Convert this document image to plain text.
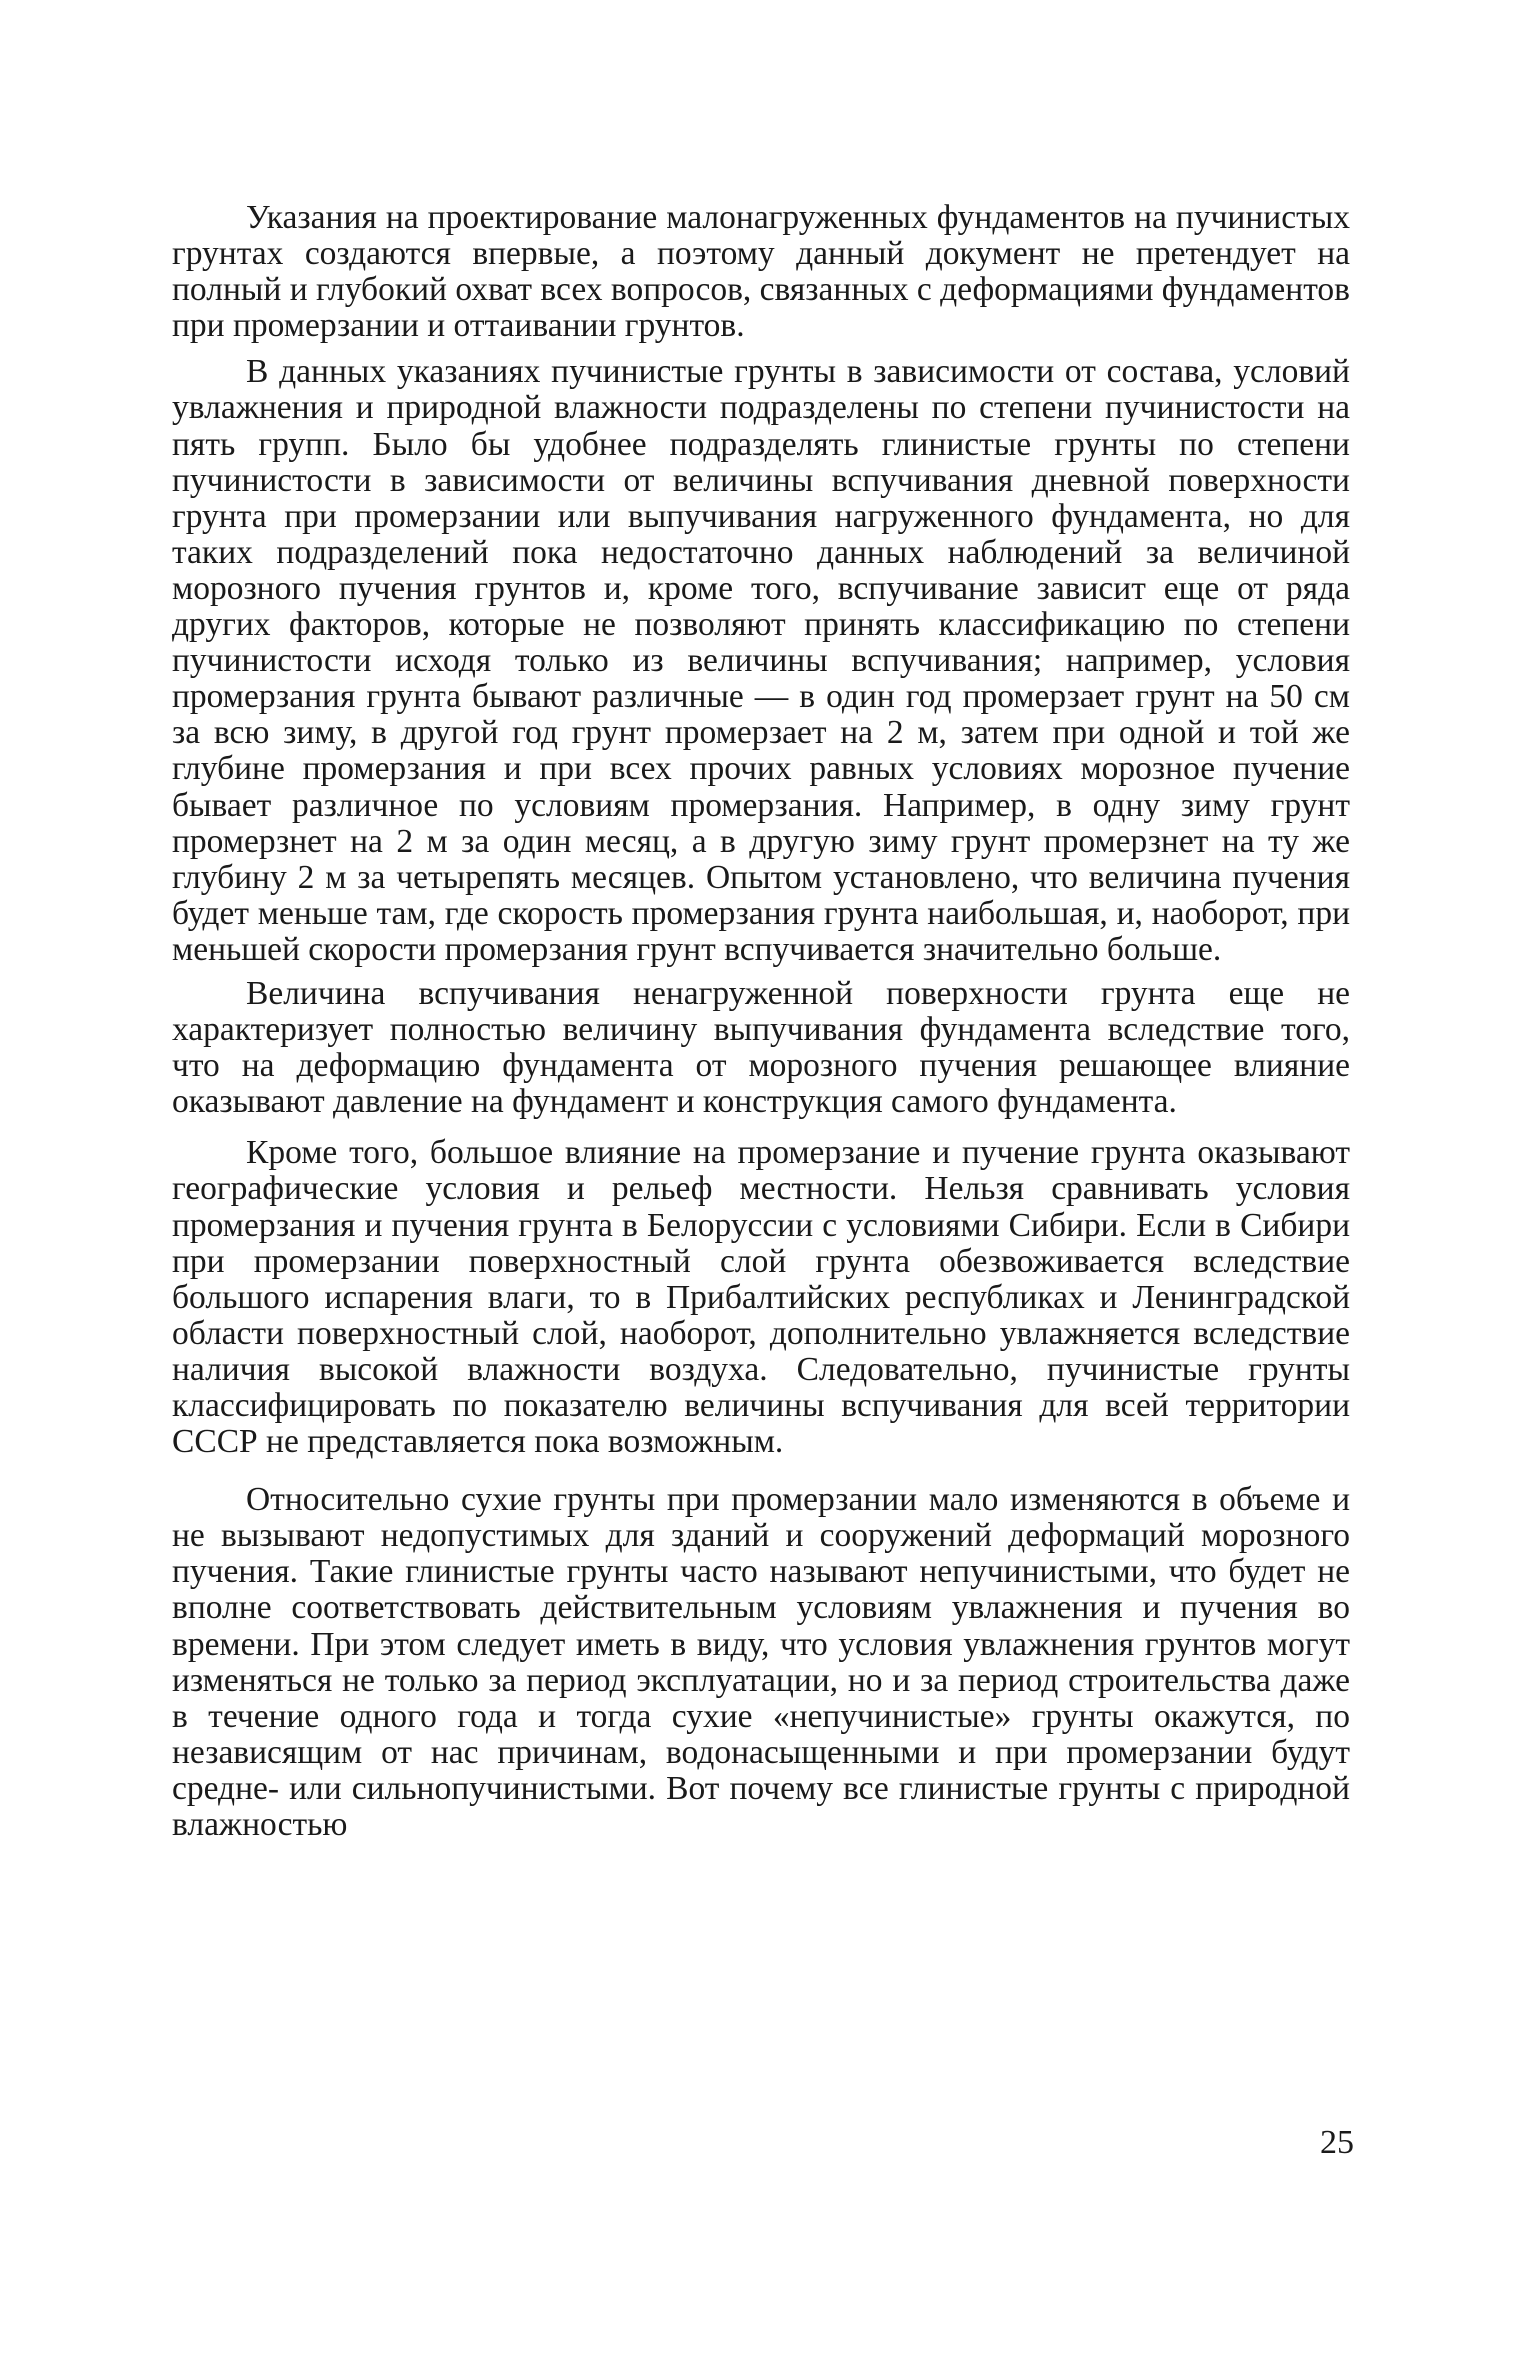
Указания на проектирование малонагруженных фундаментов на пучинистых грунтах создаются впервые, а поэтому данный документ не претендует на полный и глубокий охват всех вопросов, связанных с деформациями фундаментов при промерзании и оттаивании грунтов.

В данных указаниях пучинистые грунты в зависимости от состава, условий увлажнения и природной влажности подразделены по степени пучинистости на пять групп. Было бы удобнее подразделять глинистые грунты по степени пучинистости в зависимости от величины вспучивания дневной поверхности грунта при промерзании или выпучивания нагруженного фундамента, но для таких подразделений пока недостаточно данных наблюдений за величиной морозного пучения грунтов и, кроме того, вспучивание зависит еще от ряда других факторов, которые не позволяют принять классификацию по степени пучинистости исходя только из величины вспучивания; например, условия промерзания грунта бывают различные — в один год промерзает грунт на 50 см за всю зиму, в другой год грунт промерзает на 2 м, затем при одной и той же глубине промерзания и при всех прочих равных условиях морозное пучение бывает различное по условиям промерзания. Например, в одну зиму грунт промерзнет на 2 м за один месяц, а в другую зиму грунт промерзнет на ту же глубину 2 м за четырепять месяцев. Опытом установлено, что величина пучения будет меньше там, где скорость промерзания грунта наибольшая, и, наоборот, при меньшей скорости промерзания грунт вспучивается значительно больше.

Величина вспучивания ненагруженной поверхности грунта еще не характеризует полностью величину выпучивания фундамента вследствие того, что на деформацию фундамента от морозного пучения решающее влияние оказывают давление на фундамент и конструкция самого фундамента.

Кроме того, большое влияние на промерзание и пучение грунта оказывают географические условия и рельеф местности. Нельзя сравнивать условия промерзания и пучения грунта в Белоруссии с условиями Сибири. Если в Сибири при промерзании поверхностный слой грунта обезвоживается вследствие большого испарения влаги, то в Прибалтийских республиках и Ленинградской области поверхностный слой, наоборот, дополнительно увлажняется вследствие наличия высокой влажности воздуха. Следовательно, пучинистые грунты классифицировать по показателю величины вспучивания для всей территории СССР не представляется пока возможным.

Относительно сухие грунты при промерзании мало изменяются в объеме и не вызывают недопустимых для зданий и сооружений деформаций морозного пучения. Такие глинистые грунты часто называют непучинистыми, что будет не вполне соответствовать действительным условиям увлажнения и пучения во времени. При этом следует иметь в виду, что условия увлажнения грунтов могут изменяться не только за период эксплуатации, но и за период строительства даже в течение одного года и тогда сухие «непучинистые» грунты окажутся, по независящим от нас причинам, водонасыщенными и при промерзании будут средне- или сильнопучинистыми. Вот почему все глинистые грунты с природной влажностью

25
